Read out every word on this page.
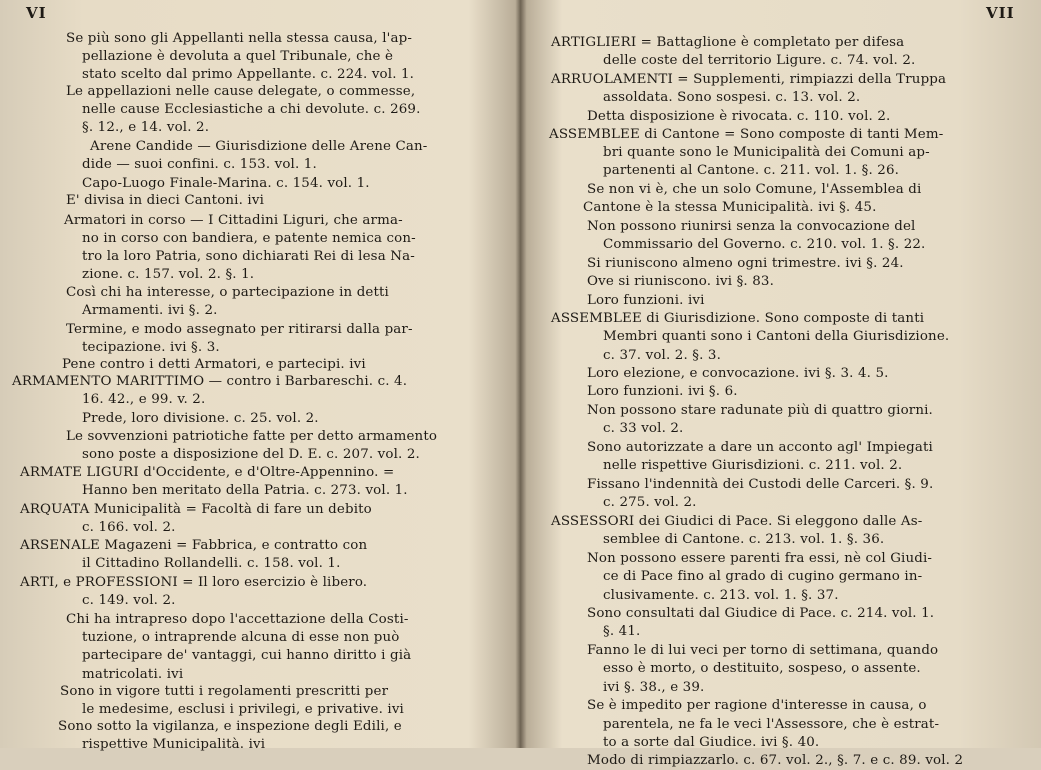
VI
Se più sono gli Appellanti nella stessa causa, l'ap-
pellazione è devoluta a quel Tribunale, che è
stato scelto dal primo Appellante. c. 224. vol. 1.
Le appellazioni nelle cause delegate, o commesse,
nelle cause Ecclesiastiche a chi devolute. c. 269.
§. 12., e 14. vol. 2.
Arene Candide — Giurisdizione delle Arene Can-
dide — suoi confini. c. 153. vol. 1.
Capo-Luogo Finale-Marina. c. 154. vol. 1.
E' divisa in dieci Cantoni. ivi
Armatori in corso — I Cittadini Liguri, che arma-
no in corso con bandiera, e patente nemica con-
tro la loro Patria, sono dichiarati Rei di lesa Na-
zione. c. 157. vol. 2. §. 1.
Così chi ha interesse, o partecipazione in detti
Armamenti. ivi §. 2.
Termine, e modo assegnato per ritirarsi dalla par-
tecipazione. ivi §. 3.
Pene contro i detti Armatori, e partecipi. ivi
ARMAMENTO MARITTIMO — contro i Barbareschi. c. 4.
16. 42., e 99. v. 2.
Prede, loro divisione. c. 25. vol. 2.
Le sovvenzioni patriotiche fatte per detto armamento
sono poste a disposizione del D. E. c. 207. vol. 2.
ARMATE LIGURI d'Occidente, e d'Oltre-Appennino. =
Hanno ben meritato della Patria. c. 273. vol. 1.
ARQUATA Municipalità = Facoltà di fare un debito
c. 166. vol. 2.
ARSENALE Magazeni = Fabbrica, e contratto con
il Cittadino Rollandelli. c. 158. vol. 1.
ARTI, e PROFESSIONI = Il loro esercizio è libero.
c. 149. vol. 2.
Chi ha intrapreso dopo l'accettazione della Costi-
tuzione, o intraprende alcuna di esse non può
partecipare de' vantaggi, cui hanno diritto i già
matricolati. ivi
Sono in vigore tutti i regolamenti prescritti per
le medesime, esclusi i privilegi, e privative. ivi
Sono sotto la vigilanza, e inspezione degli Edili, e
rispettive Municipalità. ivi
VII
ARTIGLIERI = Battaglione è completato per difesa
delle coste del territorio Ligure. c. 74. vol. 2.
ARRUOLAMENTI = Supplementi, rimpiazzi della Truppa
assoldata. Sono sospesi. c. 13. vol. 2.
Detta disposizione è rivocata. c. 110. vol. 2.
ASSEMBLEE di Cantone = Sono composte di tanti Mem-
bri quante sono le Municipalità dei Comuni ap-
partenenti al Cantone. c. 211. vol. 1. §. 26.
Se non vi è, che un solo Comune, l'Assemblea di
Cantone è la stessa Municipalità. ivi §. 45.
Non possono riunirsi senza la convocazione del
Commissario del Governo. c. 210. vol. 1. §. 22.
Si riuniscono almeno ogni trimestre. ivi §. 24.
Ove si riuniscono. ivi §. 83.
Loro funzioni. ivi
ASSEMBLEE di Giurisdizione. Sono composte di tanti
Membri quanti sono i Cantoni della Giurisdizione.
c. 37. vol. 2. §. 3.
Loro elezione, e convocazione. ivi §. 3. 4. 5.
Loro funzioni. ivi §. 6.
Non possono stare radunate più di quattro giorni.
c. 33 vol. 2.
Sono autorizzate a dare un acconto agl' Impiegati
nelle rispettive Giurisdizioni. c. 211. vol. 2.
Fissano l'indennità dei Custodi delle Carceri. §. 9.
c. 275. vol. 2.
ASSESSORI dei Giudici di Pace. Si eleggono dalle As-
semblee di Cantone. c. 213. vol. 1. §. 36.
Non possono essere parenti fra essi, nè col Giudi-
ce di Pace fino al grado di cugino germano in-
clusivamente. c. 213. vol. 1. §. 37.
Sono consultati dal Giudice di Pace. c. 214. vol. 1.
§. 41.
Fanno le di lui veci per torno di settimana, quando
esso è morto, o destituito, sospeso, o assente.
ivi §. 38., e 39.
Se è impedito per ragione d'interesse in causa, o
parentela, ne fa le veci l'Assessore, che è estrat-
to a sorte dal Giudice. ivi §. 40.
Modo di rimpiazzarlo. c. 67. vol. 2., §. 7. e c. 89. vol. 2
